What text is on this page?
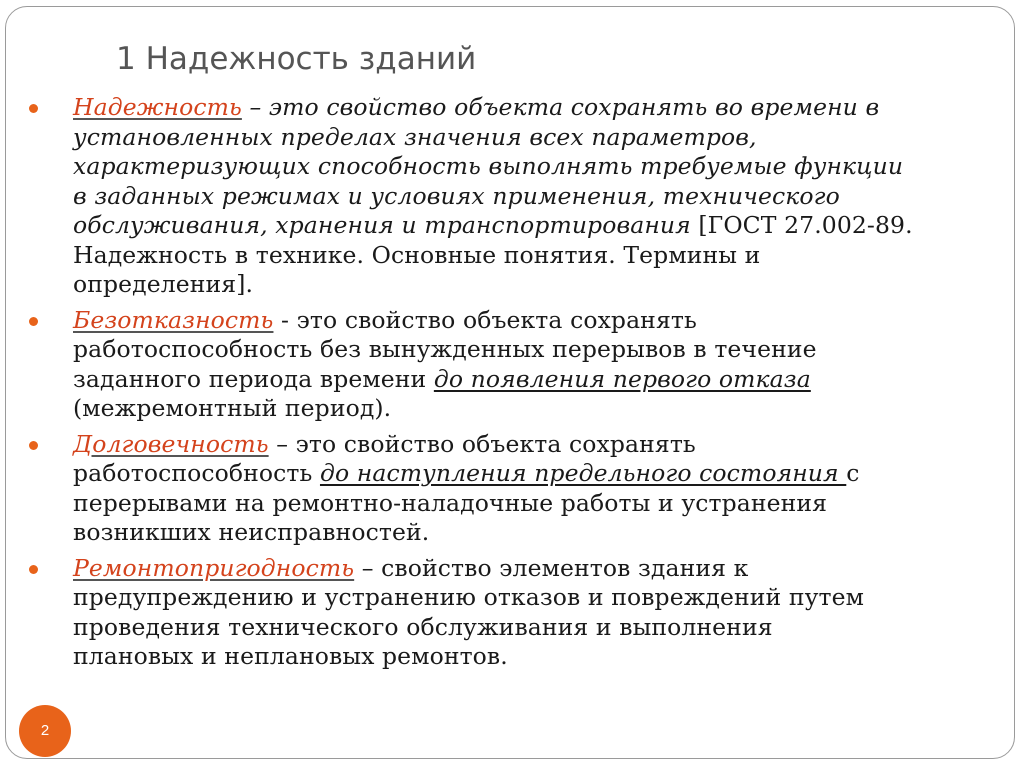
1 Надежность зданий
Надежность – это свойство объекта сохранять во времени в
установленных пределах значения всех параметров,
характеризующих способность выполнять требуемые функции
в заданных режимах и условиях применения, технического
обслуживания, хранения и транспортирования [ГОСТ 27.002-89.
Надежность в технике. Основные понятия. Термины и
определения].
Безотказность - это свойство объекта сохранять
работоспособность без вынужденных перерывов в течение
заданного периода времени до появления первого отказа
(межремонтный период).
Долговечность – это свойство объекта сохранять
работоспособность до наступления предельного состояния с
перерывами на ремонтно-наладочные работы и устранения
возникших неисправностей.
Ремонтопригодность – свойство элементов здания к
предупреждению и устранению отказов и повреждений путем
проведения технического обслуживания и выполнения
плановых и неплановых ремонтов.
2
